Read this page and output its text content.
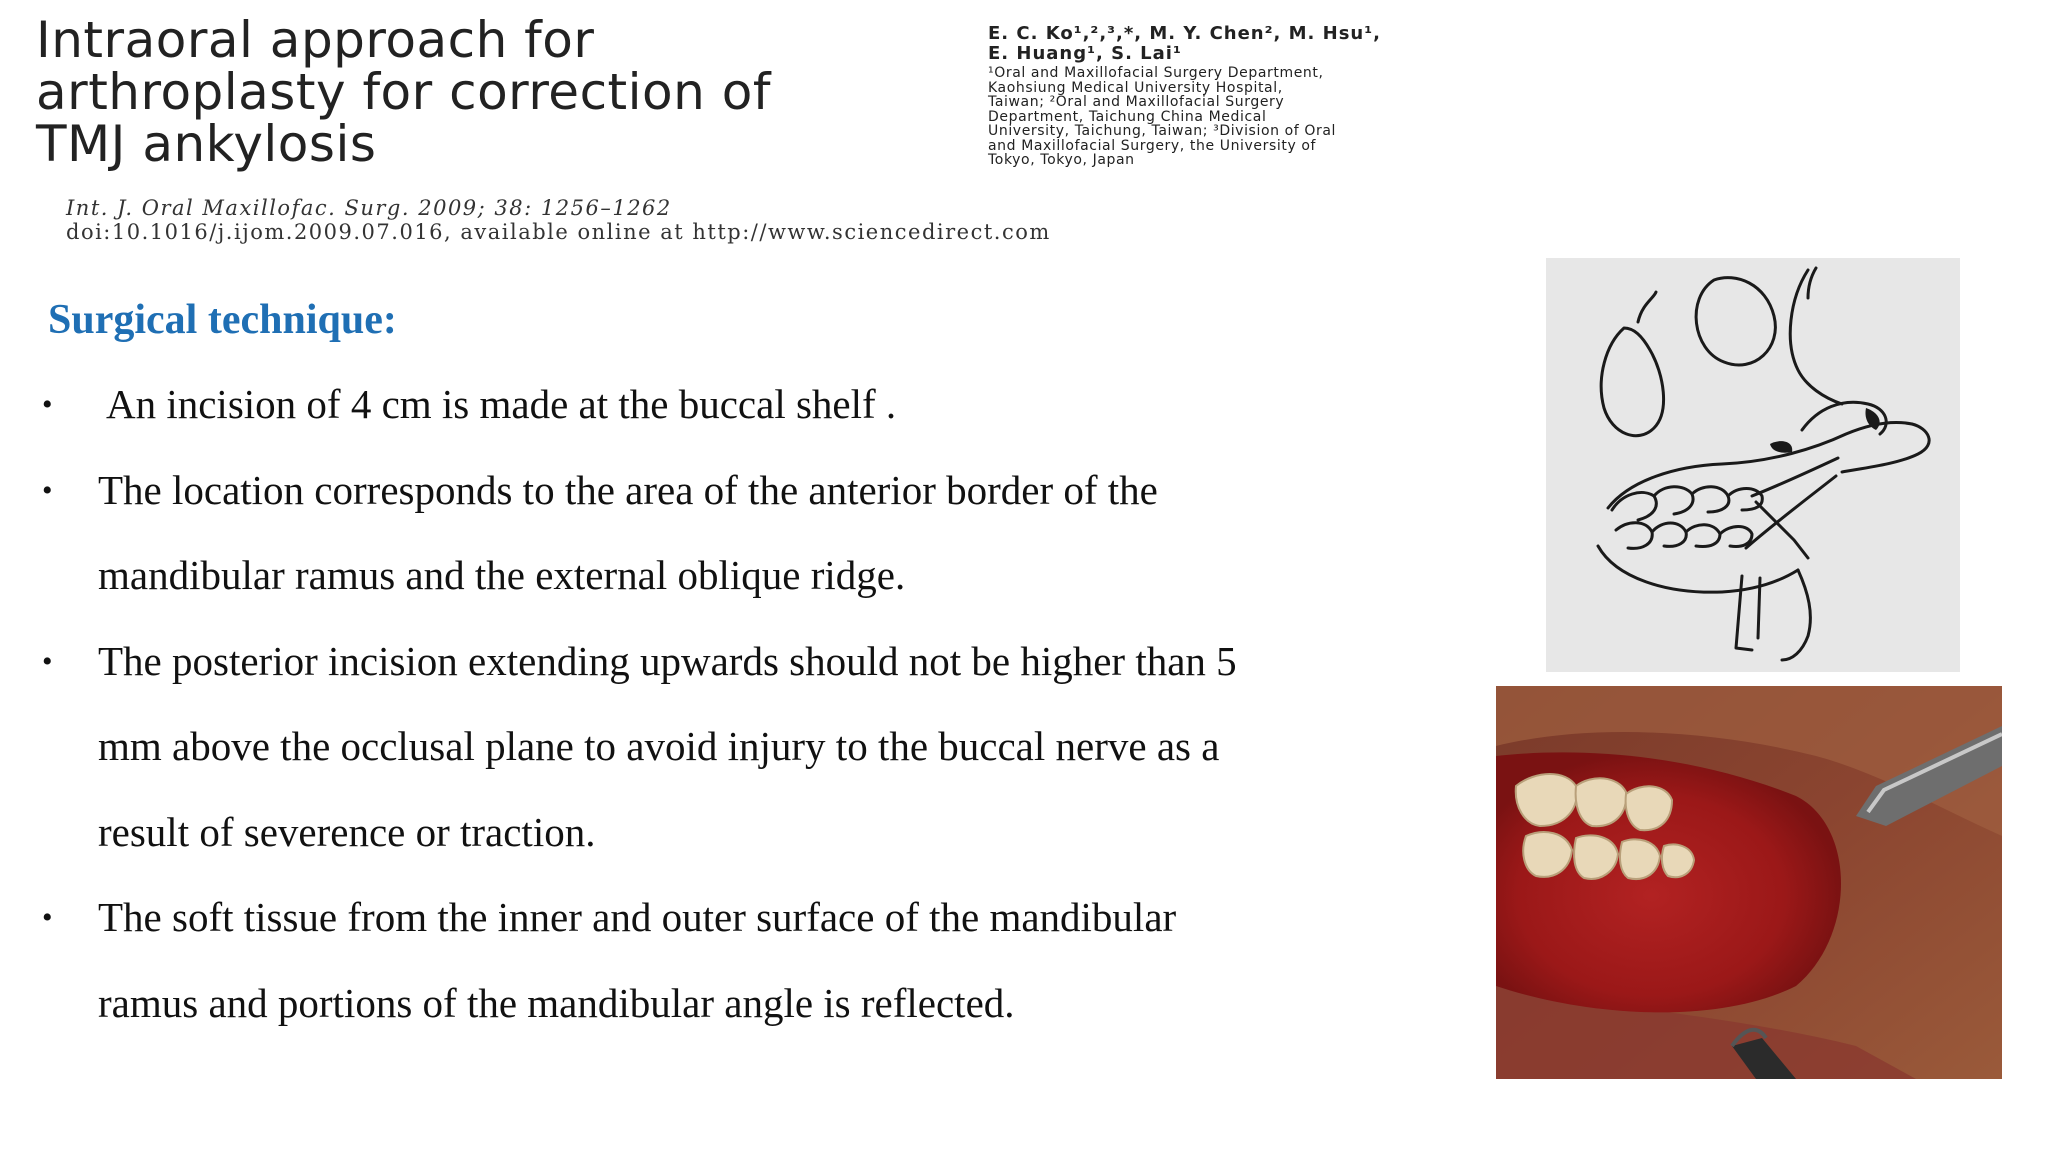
Intraoral approach for
arthroplasty for correction of
TMJ ankylosis
E. C. Ko¹,²,³,*, M. Y. Chen², M. Hsu¹,
E. Huang¹, S. Lai¹
¹Oral and Maxillofacial Surgery Department,
Kaohsiung Medical University Hospital,
Taiwan; ²Oral and Maxillofacial Surgery
Department, Taichung China Medical
University, Taichung, Taiwan; ³Division of Oral
and Maxillofacial Surgery, the University of
Tokyo, Tokyo, Japan
Int. J. Oral Maxillofac. Surg. 2009; 38: 1256–1262
doi:10.1016/j.ijom.2009.07.016, available online at http://www.sciencedirect.com
Surgical technique:
•	An incision of 4 cm is made at the buccal shelf .
•	The location corresponds to the area of the anterior border of the
mandibular ramus and the external oblique ridge.
•	The posterior incision extending upwards should not be higher than 5
mm above the occlusal plane to avoid injury to the buccal nerve as a
result of severence or traction.
•	The soft tissue from the inner and outer surface of the mandibular
ramus and portions of the mandibular angle is reflected.
